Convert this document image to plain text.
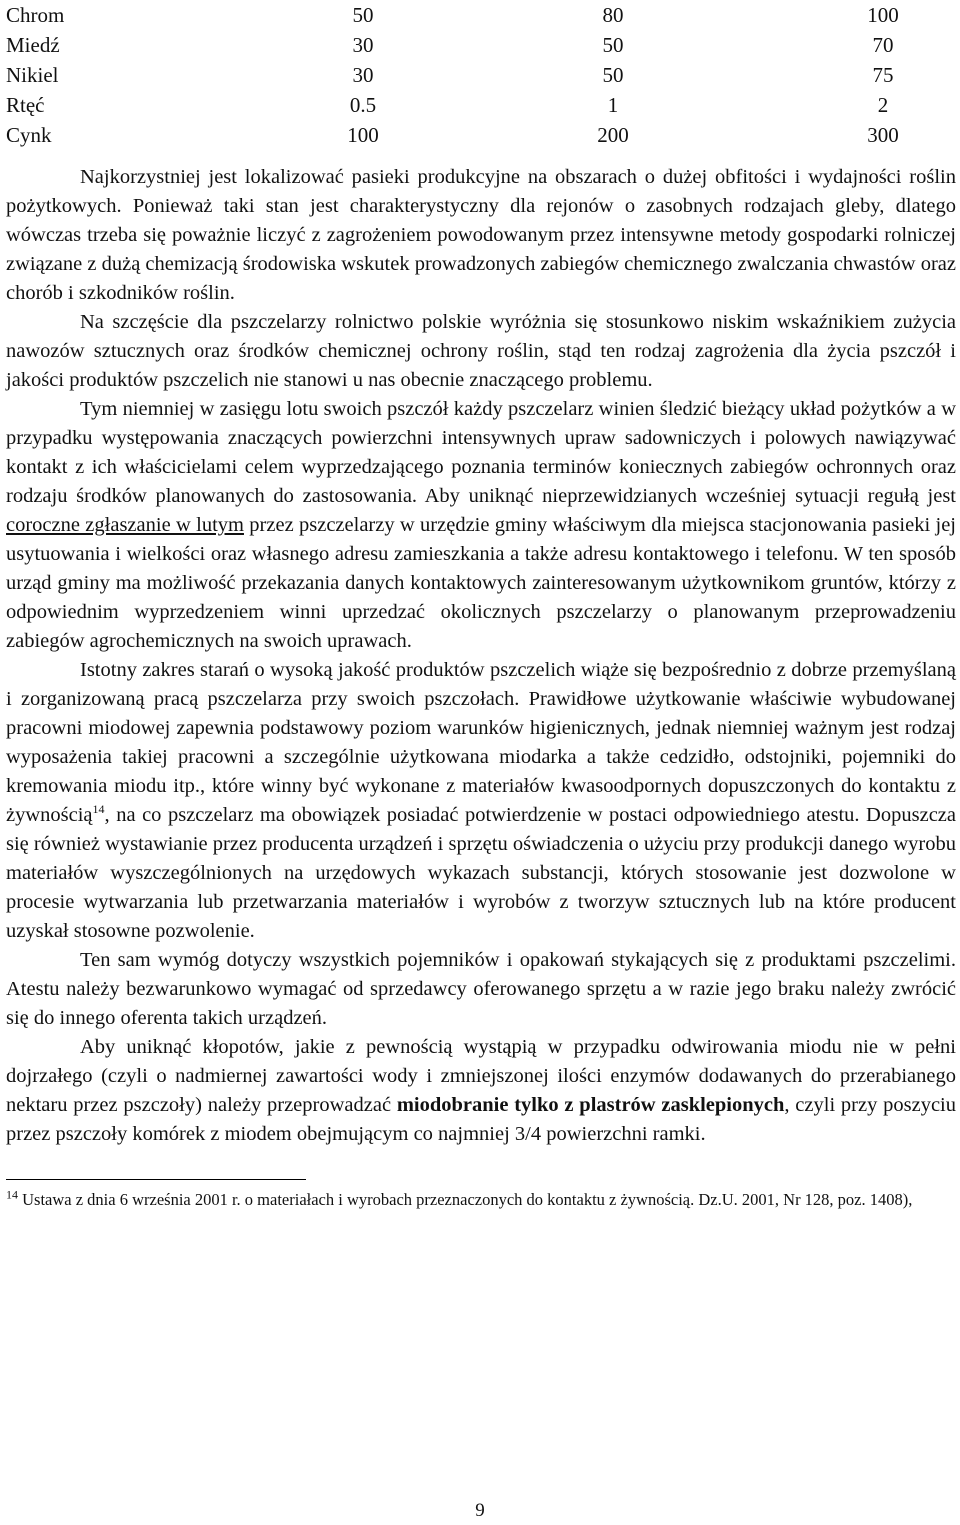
Chrom	50	80	100
Miedź	30	50	70
Nikiel	30	50	75
Rtęć	0.5	1	2
Cynk	100	200	300

Najkorzystniej jest lokalizować pasieki produkcyjne na obszarach o dużej obfitości i wydajności roślin pożytkowych. Ponieważ taki stan jest charakterystyczny dla rejonów o zasobnych rodzajach gleby, dlatego wówczas trzeba się poważnie liczyć z zagrożeniem powodowanym przez intensywne metody gospodarki rolniczej związane z dużą chemizacją środowiska wskutek prowadzonych zabiegów chemicznego zwalczania chwastów oraz chorób i szkodników roślin.

Na szczęście dla pszczelarzy rolnictwo polskie wyróżnia się stosunkowo niskim wskaźnikiem zużycia nawozów sztucznych oraz środków chemicznej ochrony roślin, stąd ten rodzaj zagrożenia dla życia pszczół i jakości produktów pszczelich nie stanowi u nas obecnie znaczącego problemu.

Tym niemniej w zasięgu lotu swoich pszczół każdy pszczelarz winien śledzić bieżący układ pożytków a w przypadku występowania znaczących powierzchni intensywnych upraw sadowniczych i polowych nawiązywać kontakt z ich właścicielami celem wyprzedzającego poznania terminów koniecznych zabiegów ochronnych oraz rodzaju środków planowanych do zastosowania. Aby uniknąć nieprzewidzianych wcześniej sytuacji regułą jest coroczne zgłaszanie w lutym przez pszczelarzy w urzędzie gminy właściwym dla miejsca stacjonowania pasieki jej usytuowania i wielkości oraz własnego adresu zamieszkania a także adresu kontaktowego i telefonu. W ten sposób urząd gminy ma możliwość przekazania danych kontaktowych zainteresowanym użytkownikom gruntów, którzy z odpowiednim wyprzedzeniem winni uprzedzać okolicznych pszczelarzy o planowanym przeprowadzeniu zabiegów agrochemicznych na swoich uprawach.

Istotny zakres starań o wysoką jakość produktów pszczelich wiąże się bezpośrednio z dobrze przemyślaną i zorganizowaną pracą pszczelarza przy swoich pszczołach. Prawidłowe użytkowanie właściwie wybudowanej pracowni miodowej zapewnia podstawowy poziom warunków higienicznych, jednak niemniej ważnym jest rodzaj wyposażenia takiej pracowni a szczególnie użytkowana miodarka a także cedzidło, odstojniki, pojemniki do kremowania miodu itp., które winny być wykonane z materiałów kwasoodpornych dopuszczonych do kontaktu z żywnością$^{14}$, na co pszczelarz ma obowiązek posiadać potwierdzenie w postaci odpowiedniego atestu. Dopuszcza się również wystawianie przez producenta urządzeń i sprzętu oświadczenia o użyciu przy produkcji danego wyrobu materiałów wyszczególnionych na urzędowych wykazach substancji, których stosowanie jest dozwolone w procesie wytwarzania lub przetwarzania materiałów i wyrobów z tworzyw sztucznych lub na które producent uzyskał stosowne pozwolenie.

Ten sam wymóg dotyczy wszystkich pojemników i opakowań stykających się z produktami pszczelimi. Atestu należy bezwarunkowo wymagać od sprzedawcy oferowanego sprzętu a w razie jego braku należy zwrócić się do innego oferenta takich urządzeń.

Aby uniknąć kłopotów, jakie z pewnością wystąpią w przypadku odwirowania miodu nie w pełni dojrzałego (czyli o nadmiernej zawartości wody i zmniejszonej ilości enzymów dodawanych do przerabianego nektaru przez pszczoły) należy przeprowadzać miodobranie tylko z plastrów zasklepionych, czyli przy poszyciu przez pszczoły komórek z miodem obejmującym co najmniej 3/4 powierzchni ramki.

$^{14}$ Ustawa z dnia 6 września 2001 r. o materiałach i wyrobach przeznaczonych do kontaktu z żywnością. Dz.U. 2001, Nr 128, poz. 1408),
9
